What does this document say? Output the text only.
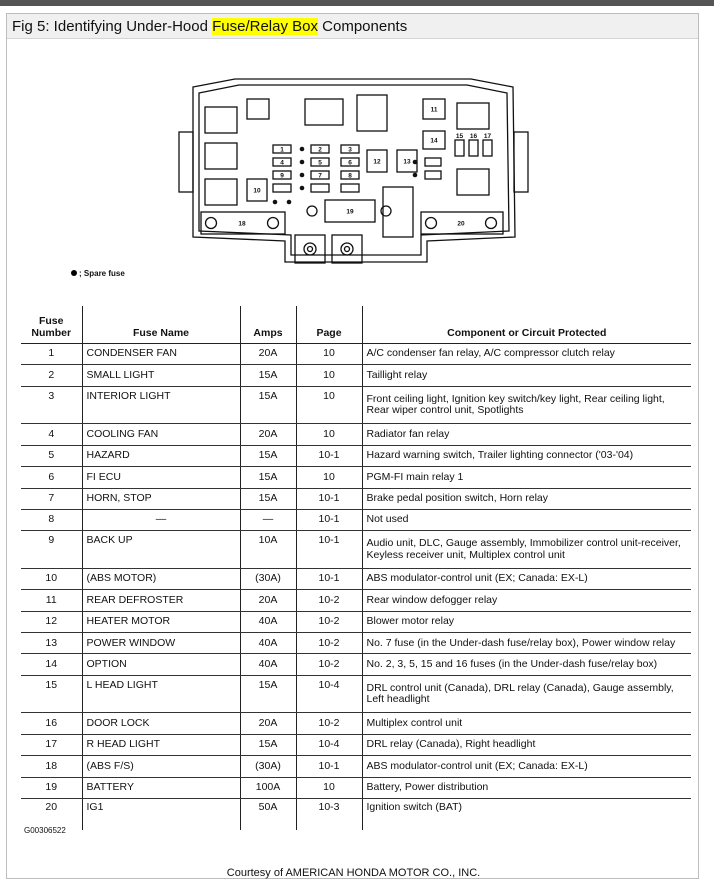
Fig 5: Identifying Under-Hood Fuse/Relay Box Components
1	2	3
4	5	6
7	8
9
10
11
12	13
14
15 16 17
18
19
20
; Spare fuse
Fuse
Number	Fuse Name	Amps	Page	Component or Circuit Protected
1	CONDENSER FAN	20A	10	A/C condenser fan relay, A/C compressor clutch relay
2	SMALL LIGHT	15A	10	Taillight relay
3	INTERIOR LIGHT	15A	10	Front ceiling light, Ignition key switch/key light, Rear ceiling light, Rear wiper control unit, Spotlights
4	COOLING FAN	20A	10	Radiator fan relay
5	HAZARD	15A	10-1	Hazard warning switch, Trailer lighting connector ('03-'04)
6	FI ECU	15A	10	PGM-FI main relay 1
7	HORN, STOP	15A	10-1	Brake pedal position switch, Horn relay
8	—	—	10-1	Not used
9	BACK UP	10A	10-1	Audio unit, DLC, Gauge assembly, Immobilizer control unit-receiver, Keyless receiver unit, Multiplex control unit
10	(ABS MOTOR)	(30A)	10-1	ABS modulator-control unit (EX; Canada: EX-L)
11	REAR DEFROSTER	20A	10-2	Rear window defogger relay
12	HEATER MOTOR	40A	10-2	Blower motor relay
13	POWER WINDOW	40A	10-2	No. 7 fuse (in the Under-dash fuse/relay box), Power window relay
14	OPTION	40A	10-2	No. 2, 3, 5, 15 and 16 fuses (in the Under-dash fuse/relay box)
15	L HEAD LIGHT	15A	10-4	DRL control unit (Canada), DRL relay (Canada), Gauge assembly, Left headlight
16	DOOR LOCK	20A	10-2	Multiplex control unit
17	R HEAD LIGHT	15A	10-4	DRL relay (Canada), Right headlight
18	(ABS F/S)	(30A)	10-1	ABS modulator-control unit (EX; Canada: EX-L)
19	BATTERY	100A	10	Battery, Power distribution
20	IG1	50A	10-3	Ignition switch (BAT)
G00306522
Courtesy of AMERICAN HONDA MOTOR CO., INC.
